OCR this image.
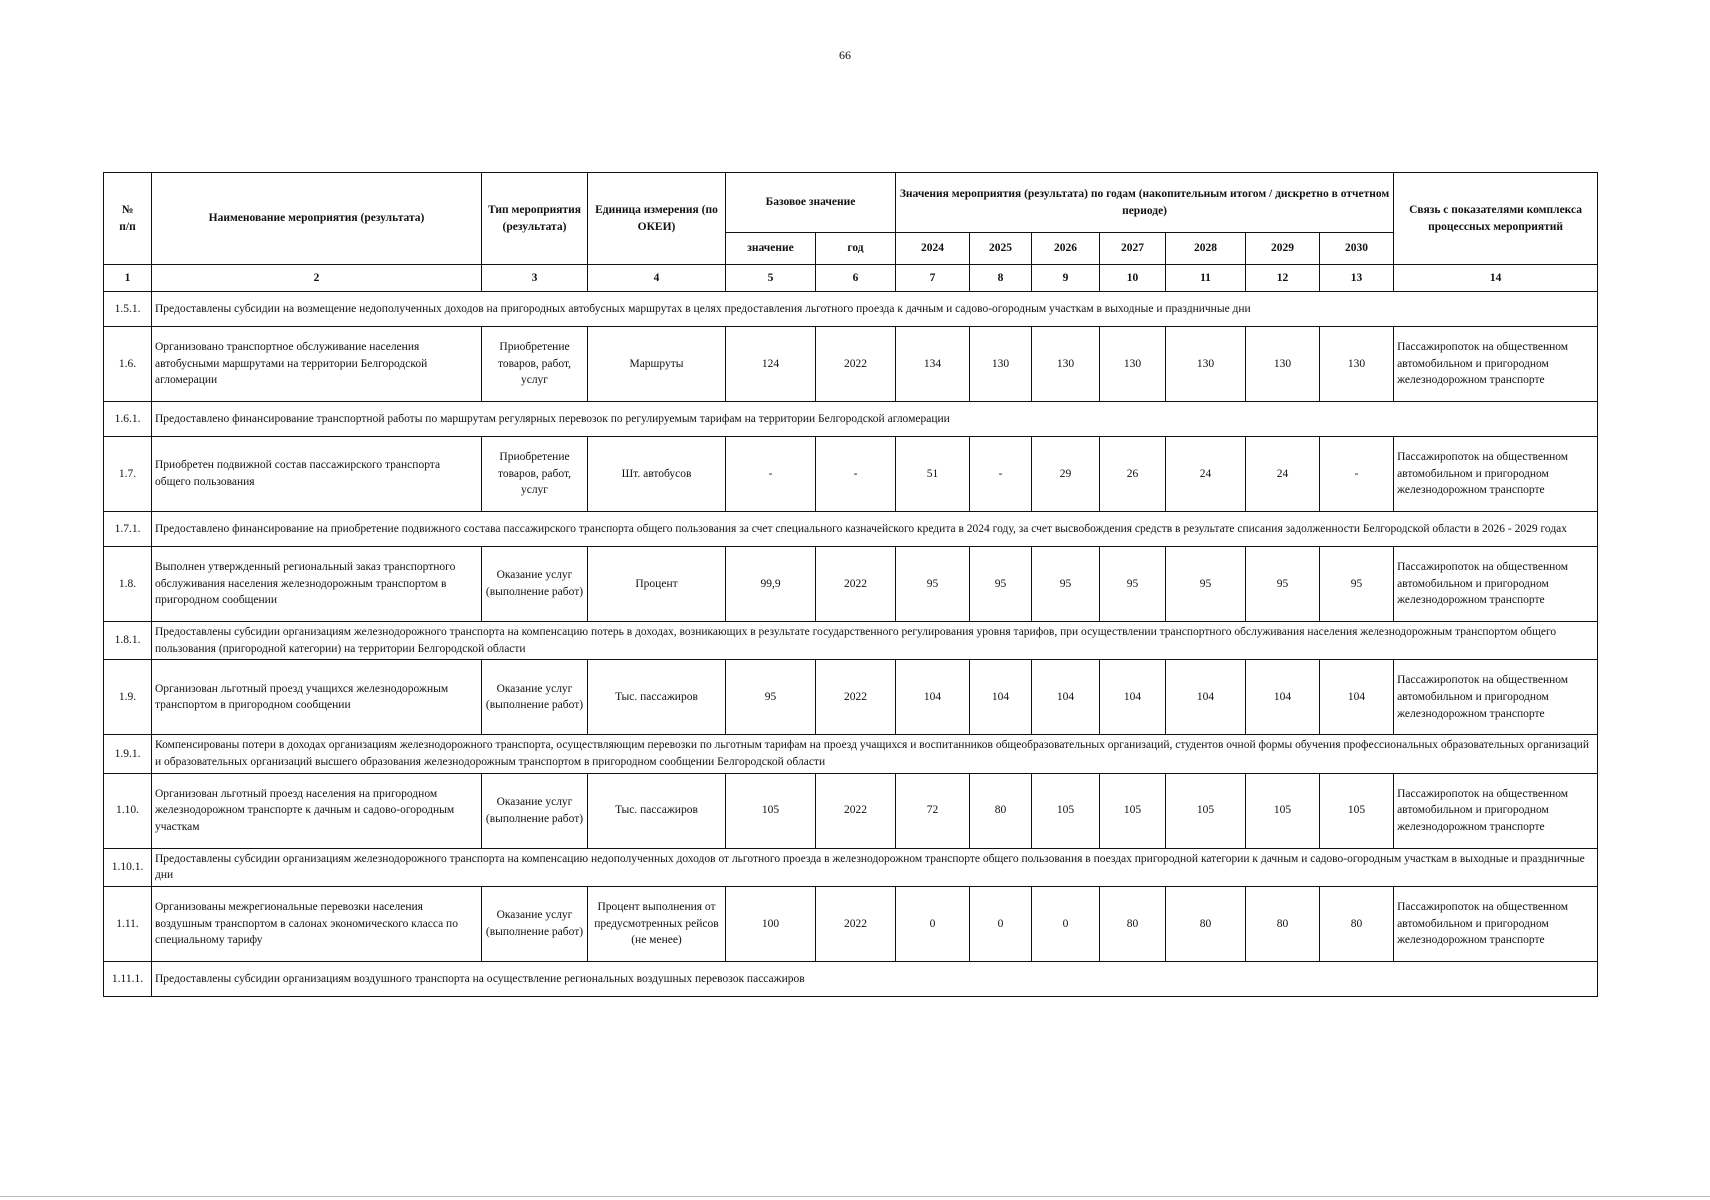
66
№
п/п	Наименование мероприятия (результата)	Тип мероприятия (результата)	Единица измерения (по ОКЕИ)	Базовое значение		Значения мероприятия (результата) по годам (накопительным итогом / дискретно в отчетном периоде)							Связь с показателями комплекса процессных мероприятий
				значение	год	2024	2025	2026	2027	2028	2029	2030	
1	2	3	4	5	6	7	8	9	10	11	12	13	14
1.5.1.	Предоставлены субсидии на возмещение недополученных доходов на пригородных автобусных маршрутах в целях предоставления льготного проезда к дачным и садово-огородным участкам в выходные и праздничные дни												
1.6.	Организовано транспортное обслуживание населения автобусными маршрутами на территории Белгородской агломерации	Приобретение товаров, работ, услуг	Маршруты	124	2022	134	130	130	130	130	130	130	Пассажиропоток на общественном автомобильном и пригородном железнодорожном транспорте
1.6.1.	Предоставлено финансирование транспортной работы по маршрутам регулярных перевозок по регулируемым тарифам на территории Белгородской агломерации												
1.7.	Приобретен подвижной состав пассажирского транспорта общего пользования	Приобретение товаров, работ, услуг	Шт. автобусов	-	-	51	-	29	26	24	24	-	Пассажиропоток на общественном автомобильном и пригородном железнодорожном транспорте
1.7.1.	Предоставлено финансирование на приобретение подвижного состава пассажирского транспорта общего пользования за счет специального казначейского кредита в 2024 году, за счет высвобождения средств в результате списания задолженности Белгородской области в 2026 - 2029 годах												
1.8.	Выполнен утвержденный региональный заказ транспортного обслуживания населения железнодорожным транспортом в пригородном сообщении	Оказание услуг (выполнение работ)	Процент	99,9	2022	95	95	95	95	95	95	95	Пассажиропоток на общественном автомобильном и пригородном железнодорожном транспорте
1.8.1.	Предоставлены субсидии организациям железнодорожного транспорта на компенсацию потерь в доходах, возникающих в результате государственного регулирования уровня тарифов, при осуществлении транспортного обслуживания населения железнодорожным транспортом общего пользования (пригородной категории) на территории Белгородской области												
1.9.	Организован льготный проезд учащихся железнодорожным транспортом в пригородном сообщении	Оказание услуг (выполнение работ)	Тыс. пассажиров	95	2022	104	104	104	104	104	104	104	Пассажиропоток на общественном автомобильном и пригородном железнодорожном транспорте
1.9.1.	Компенсированы потери в доходах организациям железнодорожного транспорта, осуществляющим перевозки по льготным тарифам на проезд учащихся и воспитанников общеобразовательных организаций, студентов очной формы обучения профессиональных образовательных организаций и образовательных организаций высшего образования железнодорожным транспортом в пригородном сообщении Белгородской области												
1.10.	Организован льготный проезд населения на пригородном железнодорожном транспорте к дачным и садово-огородным участкам	Оказание услуг (выполнение работ)	Тыс. пассажиров	105	2022	72	80	105	105	105	105	105	Пассажиропоток на общественном автомобильном и пригородном железнодорожном транспорте
1.10.1.	Предоставлены субсидии организациям железнодорожного транспорта на компенсацию недополученных доходов от льготного проезда в железнодорожном транспорте общего пользования в поездах пригородной категории к дачным и садово-огородным участкам в выходные и праздничные дни												
1.11.	Организованы межрегиональные перевозки населения воздушным транспортом в салонах экономического класса по специальному тарифу	Оказание услуг (выполнение работ)	Процент выполнения от предусмотренных рейсов (не менее)	100	2022	0	0	0	80	80	80	80	Пассажиропоток на общественном автомобильном и пригородном железнодорожном транспорте
1.11.1.	Предоставлены субсидии организациям воздушного транспорта на осуществление региональных воздушных перевозок пассажиров												
